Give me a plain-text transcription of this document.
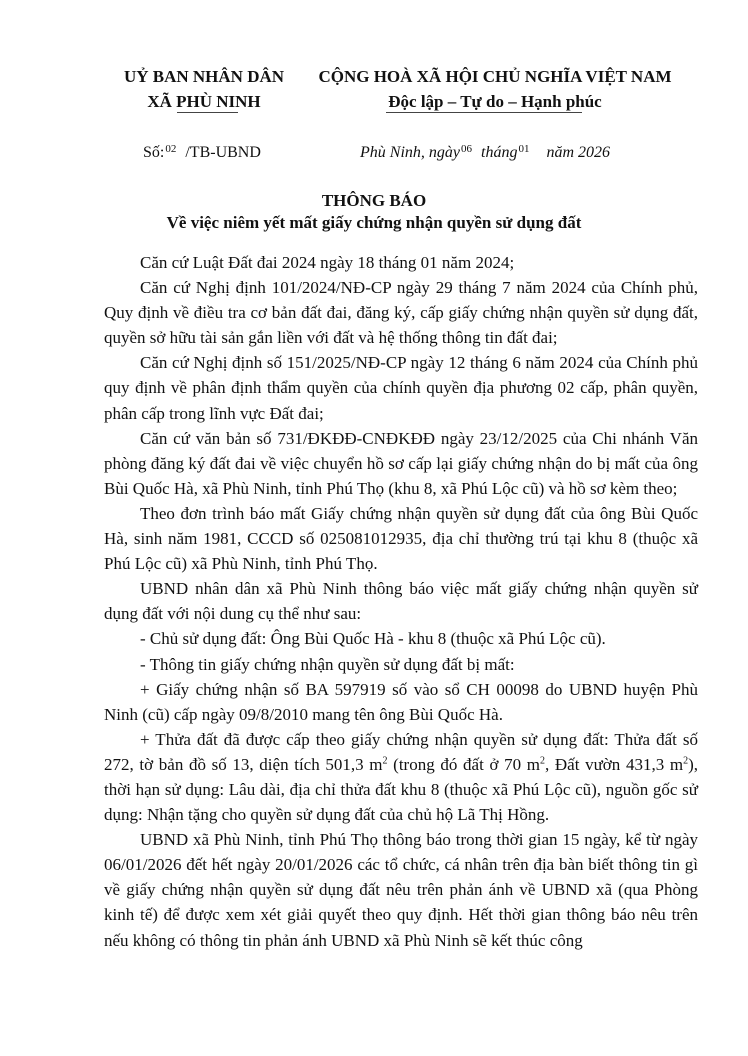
UỶ BAN NHÂN DÂN
XÃ PHÙ NINH
CỘNG HOÀ XÃ HỘI CHỦ NGHĨA VIỆT NAM
Độc lập – Tự do – Hạnh phúc
Số:$^{02}$ /TB-UBND	Phù Ninh, ngày$^{06}$ tháng$^{01}$ năm 2026
THÔNG BÁO
Về việc niêm yết mất giấy chứng nhận quyền sử dụng đất

Căn cứ Luật Đất đai 2024 ngày 18 tháng 01 năm 2024;

Căn cứ Nghị định 101/2024/NĐ-CP ngày 29 tháng 7 năm 2024 của Chính phủ, Quy định về điều tra cơ bản đất đai, đăng ký, cấp giấy chứng nhận quyền sử dụng đất, quyền sở hữu tài sản gắn liền với đất và hệ thống thông tin đất đai;

Căn cứ Nghị định số 151/2025/NĐ-CP ngày 12 tháng 6 năm 2024 của Chính phủ quy định về phân định thẩm quyền của chính quyền địa phương 02 cấp, phân quyền, phân cấp trong lĩnh vực Đất đai;

Căn cứ văn bản số 731/ĐKĐĐ-CNĐKĐĐ ngày 23/12/2025 của Chi nhánh Văn phòng đăng ký đất đai về việc chuyển hồ sơ cấp lại giấy chứng nhận do bị mất của ông Bùi Quốc Hà, xã Phù Ninh, tỉnh Phú Thọ (khu 8, xã Phú Lộc cũ) và hồ sơ kèm theo;

Theo đơn trình báo mất Giấy chứng nhận quyền sử dụng đất của ông Bùi Quốc Hà, sinh năm 1981, CCCD số 025081012935, địa chỉ thường trú tại khu 8 (thuộc xã Phú Lộc cũ) xã Phù Ninh, tỉnh Phú Thọ.

UBND nhân dân xã Phù Ninh thông báo việc mất giấy chứng nhận quyền sử dụng đất với nội dung cụ thể như sau:

- Chủ sử dụng đất: Ông Bùi Quốc Hà - khu 8 (thuộc xã Phú Lộc cũ).

- Thông tin giấy chứng nhận quyền sử dụng đất bị mất:

+ Giấy chứng nhận số BA 597919 số vào sổ CH 00098 do UBND huyện Phù Ninh (cũ) cấp ngày 09/8/2010 mang tên ông Bùi Quốc Hà.

+ Thửa đất đã được cấp theo giấy chứng nhận quyền sử dụng đất: Thửa đất số 272, tờ bản đồ số 13, diện tích 501,3 $m^2$ (trong đó đất ở 70 $m^2$, Đất vườn 431,3 $m^2$), thời hạn sử dụng: Lâu dài, địa chỉ thửa đất khu 8 (thuộc xã Phú Lộc cũ), nguồn gốc sử dụng: Nhận tặng cho quyền sử dụng đất của chủ hộ Lã Thị Hồng.

UBND xã Phù Ninh, tỉnh Phú Thọ thông báo trong thời gian 15 ngày, kể từ ngày 06/01/2026 đết hết ngày 20/01/2026 các tổ chức, cá nhân trên địa bàn biết thông tin gì về giấy chứng nhận quyền sử dụng đất nêu trên phản ánh về UBND xã (qua Phòng kinh tế) để được xem xét giải quyết theo quy định. Hết thời gian thông báo nêu trên nếu không có thông tin phản ánh UBND xã Phù Ninh sẽ kết thúc công
